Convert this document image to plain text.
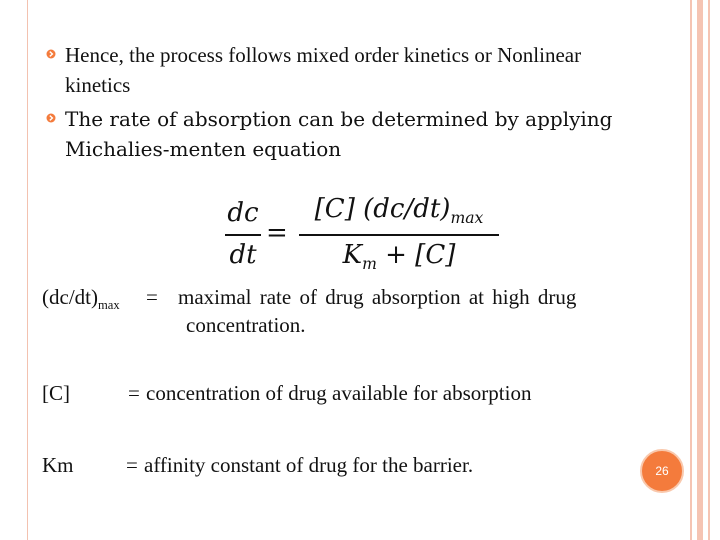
Hence, the process follows mixed order kinetics or Nonlinear
kinetics
The rate of absorption can be determined by applying
Michalies-menten equation
dc
dt
=
[C] $(dc/dt)_{max}$
$K_m + [C]$
$(dc/dt)_{max}$ = maximal rate of drug absorption at high drug
concentration.
[C]	= concentration of drug available for absorption
Km	= affinity constant of drug for the barrier.	26
